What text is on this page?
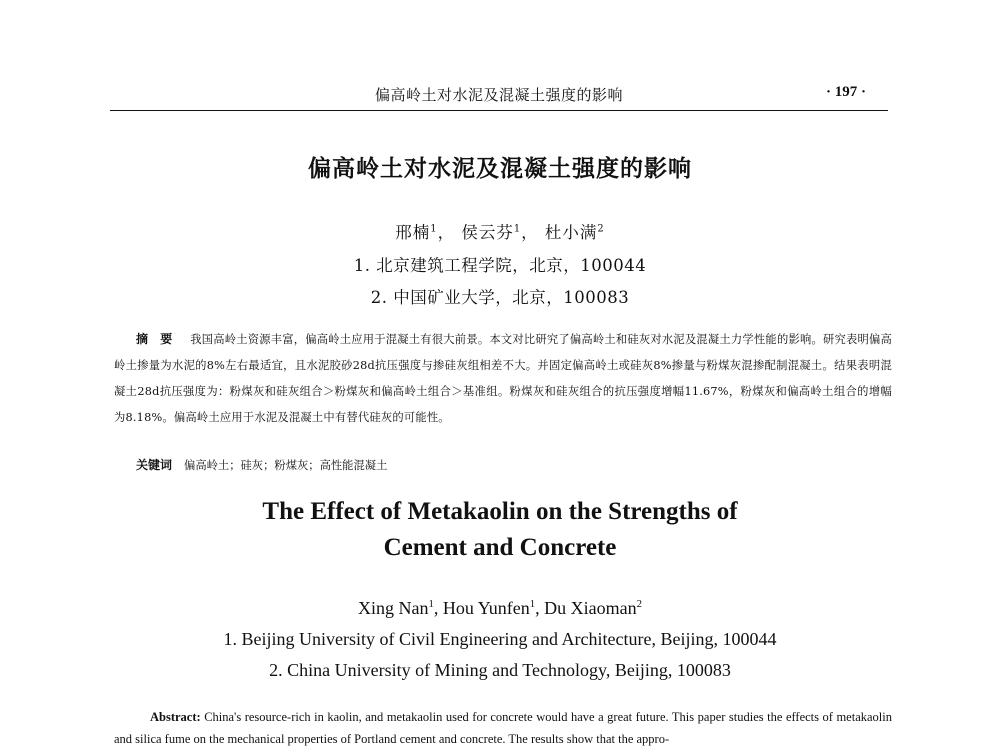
偏高岭土对水泥及混凝土强度的影响	· 197 ·
偏高岭土对水泥及混凝土强度的影响
邢楠$^1$， 侯云芬$^1$， 杜小满$^2$
1. 北京建筑工程学院，北京，100044
2. 中国矿业大学，北京，100083
摘 要 我国高岭土资源丰富，偏高岭土应用于混凝土有很大前景。本文对比研究了偏高岭土和硅灰对水泥及混凝土力学性能的影响。研究表明偏高岭土掺量为水泥的8%左右最适宜，且水泥胶砂28d抗压强度与掺硅灰组相差不大。并固定偏高岭土或硅灰8%掺量与粉煤灰混掺配制混凝土。结果表明混凝土28d抗压强度为：粉煤灰和硅灰组合＞粉煤灰和偏高岭土组合＞基准组。粉煤灰和硅灰组合的抗压强度增幅11.67%，粉煤灰和偏高岭土组合的增幅为8.18%。偏高岭土应用于水泥及混凝土中有替代硅灰的可能性。
关键词 偏高岭土；硅灰；粉煤灰；高性能混凝土
The Effect of Metakaolin on the Strengths of
Cement and Concrete
Xing Nan$^1$, Hou Yunfen$^1$, Du Xiaoman$^2$
1. Beijing University of Civil Engineering and Architecture, Beijing, 100044
2. China University of Mining and Technology, Beijing, 100083
Abstract: China's resource-rich in kaolin, and metakaolin used for concrete would have a great future. This paper studies the effects of metakaolin and silica fume on the mechanical properties of Portland cement and concrete. The results show that the appro-
